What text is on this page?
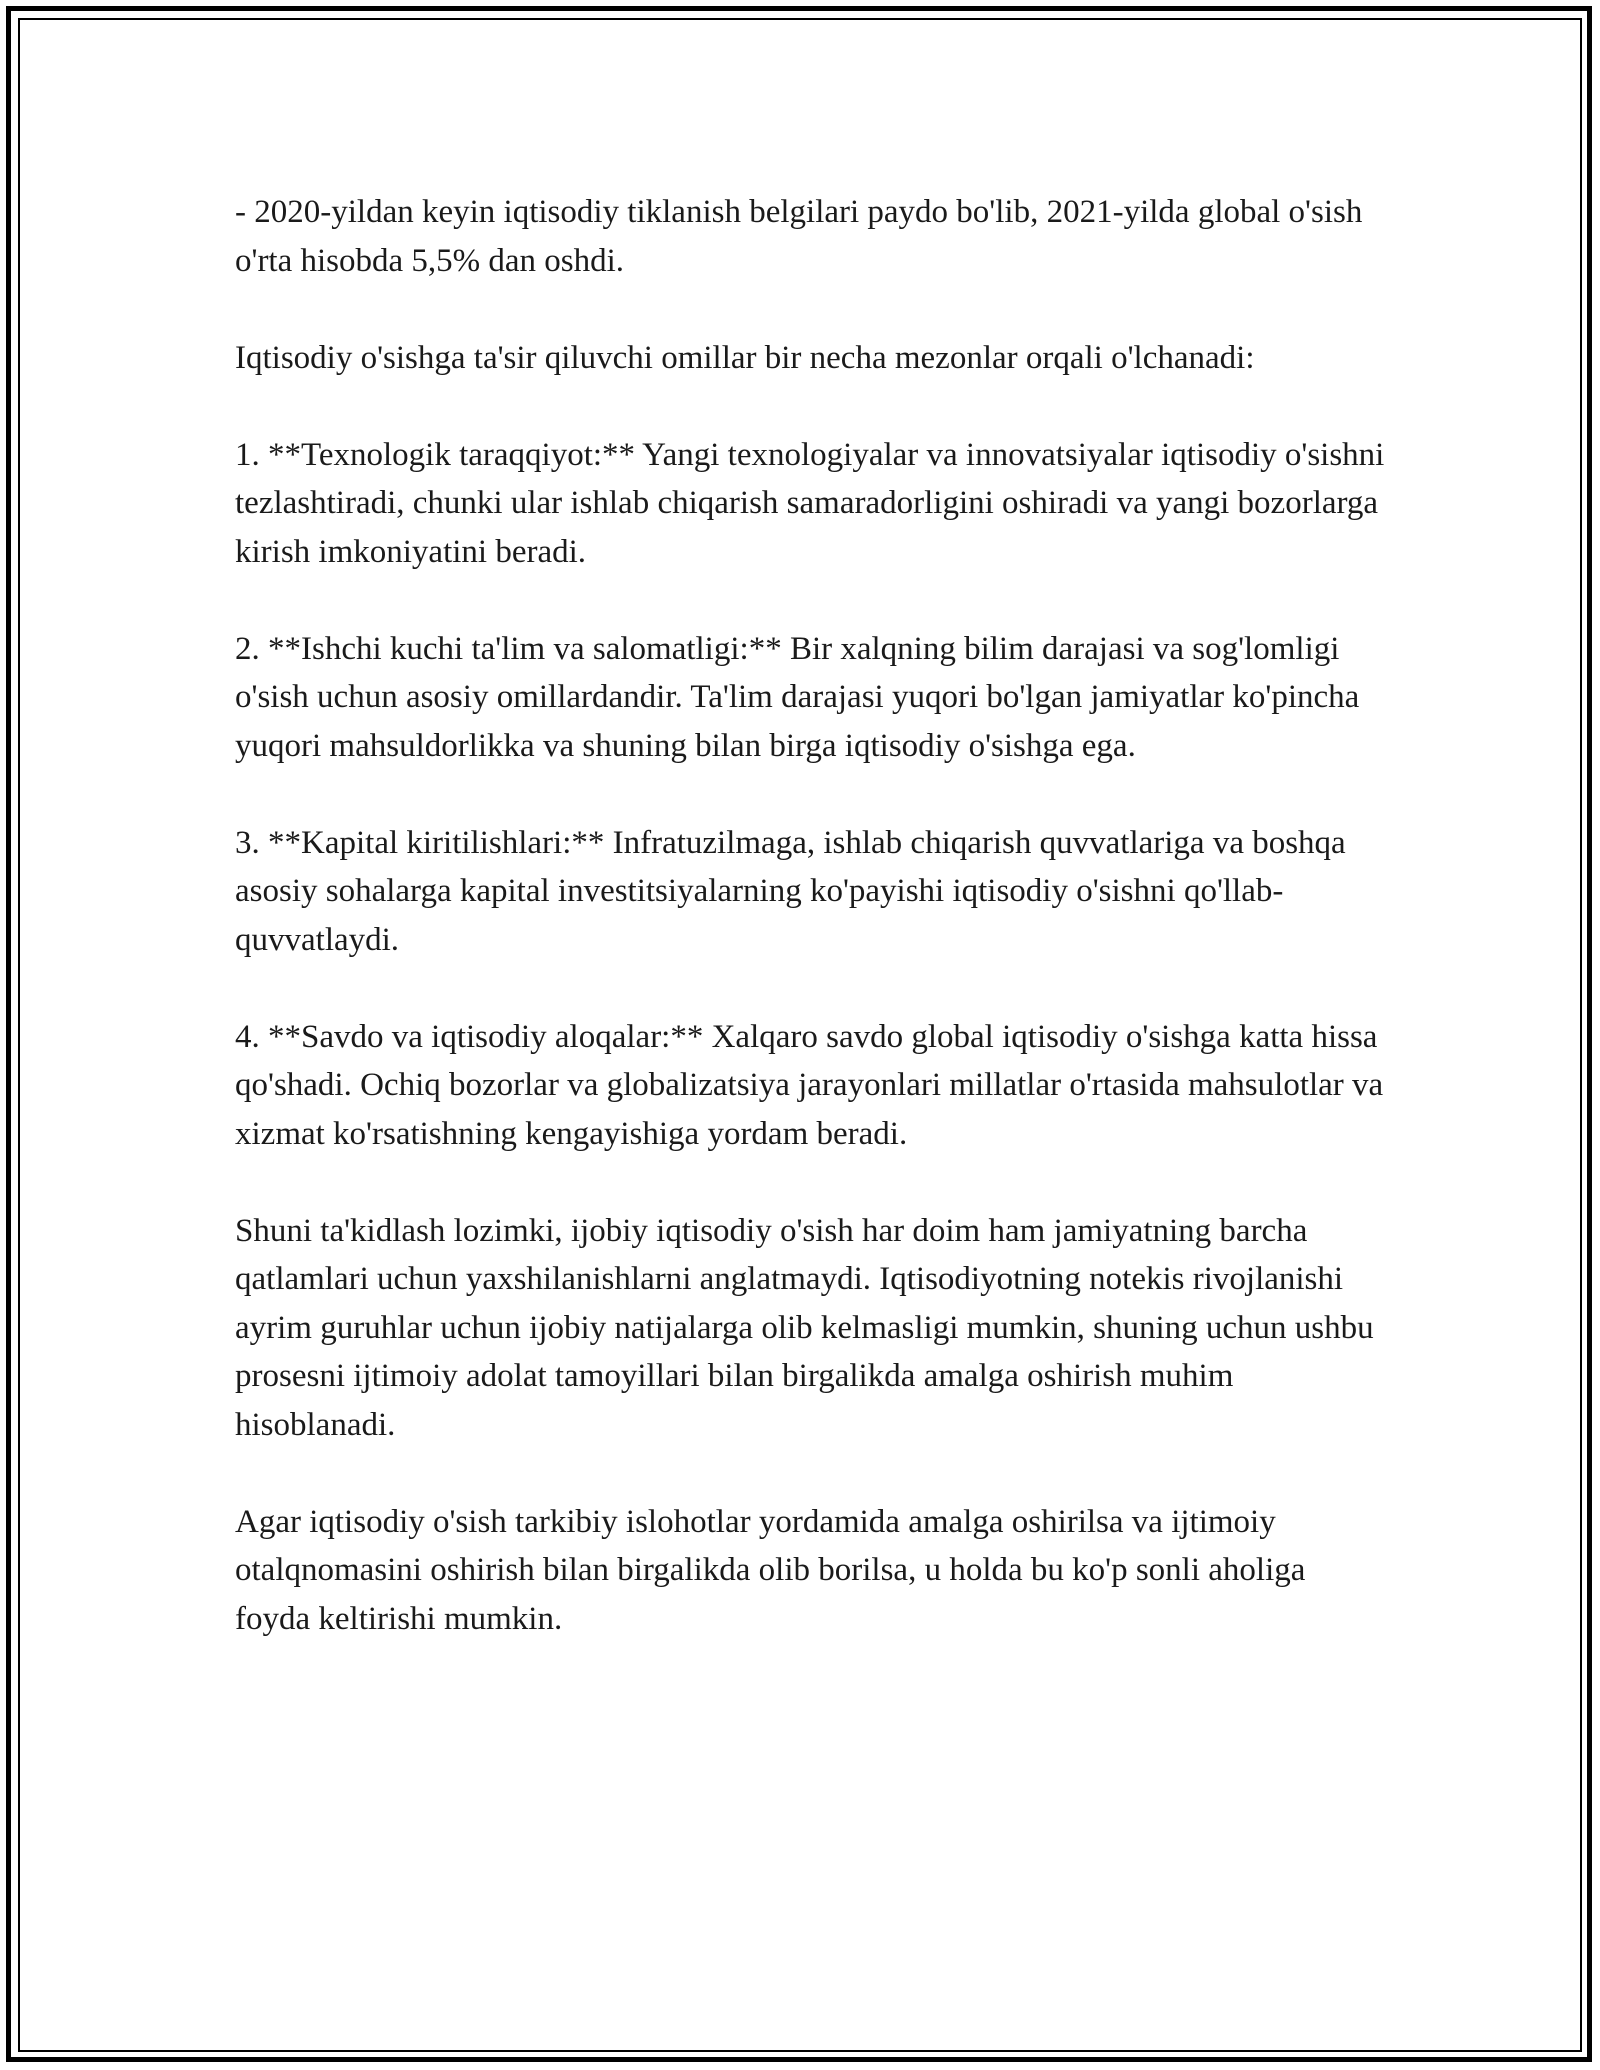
- 2020-yildan keyin iqtisodiy tiklanish belgilari paydo bo'lib, 2021-yilda global o'sish o'rta hisobda 5,5% dan oshdi.

Iqtisodiy o'sishga ta'sir qiluvchi omillar bir necha mezonlar orqali o'lchanadi:

1. **Texnologik taraqqiyot:** Yangi texnologiyalar va innovatsiyalar iqtisodiy o'sishni tezlashtiradi, chunki ular ishlab chiqarish samaradorligini oshiradi va yangi bozorlarga kirish imkoniyatini beradi.

2. **Ishchi kuchi ta'lim va salomatligi:** Bir xalqning bilim darajasi va sog'lomligi o'sish uchun asosiy omillardandir. Ta'lim darajasi yuqori bo'lgan jamiyatlar ko'pincha yuqori mahsuldorlikka va shuning bilan birga iqtisodiy o'sishga ega.

3. **Kapital kiritilishlari:** Infratuzilmaga, ishlab chiqarish quvvatlariga va boshqa asosiy sohalarga kapital investitsiyalarning ko'payishi iqtisodiy o'sishni qo'llab-quvvatlaydi.

4. **Savdo va iqtisodiy aloqalar:** Xalqaro savdo global iqtisodiy o'sishga katta hissa qo'shadi. Ochiq bozorlar va globalizatsiya jarayonlari millatlar o'rtasida mahsulotlar va xizmat ko'rsatishning kengayishiga yordam beradi.

Shuni ta'kidlash lozimki, ijobiy iqtisodiy o'sish har doim ham jamiyatning barcha qatlamlari uchun yaxshilanishlarni anglatmaydi. Iqtisodiyotning notekis rivojlanishi ayrim guruhlar uchun ijobiy natijalarga olib kelmasligi mumkin, shuning uchun ushbu prosesni ijtimoiy adolat tamoyillari bilan birgalikda amalga oshirish muhim hisoblanadi.

Agar iqtisodiy o'sish tarkibiy islohotlar yordamida amalga oshirilsa va ijtimoiy otalqnomasini oshirish bilan birgalikda olib borilsa, u holda bu ko'p sonli aholiga foyda keltirishi mumkin.
